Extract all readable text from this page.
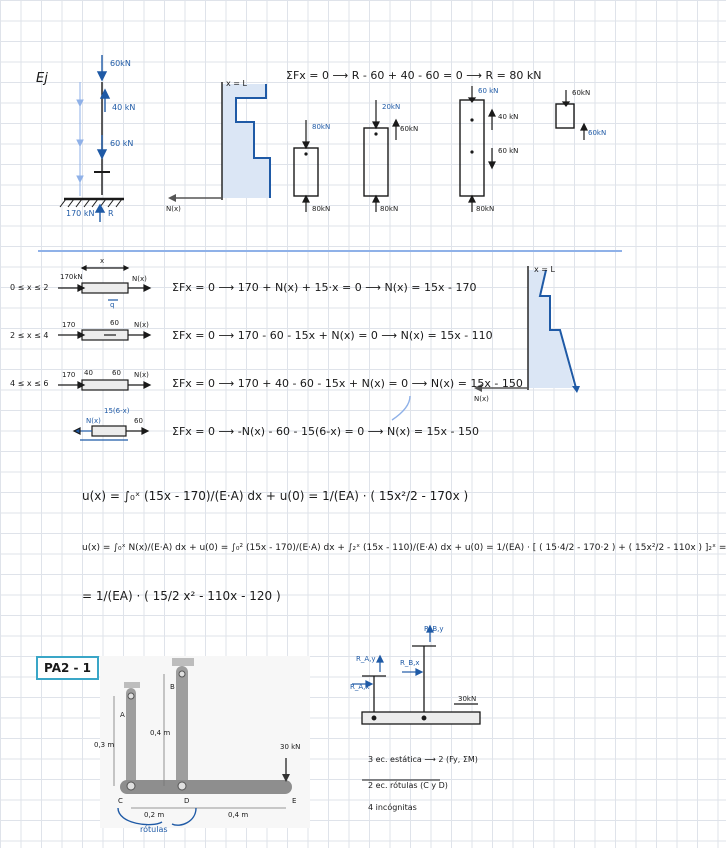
Ej
60kN
40 kN
60 kN
170 kN R
x = L
N(x)
ΣFx = 0 ⟶ R - 60 + 40 - 60 = 0 ⟶ R = 80 kN
80kN
80kN
20kN
60kN
80kN
60 kN
40 kN
60 kN
80kN
60kN
60kN
0 ≤ x ≤ 2
170kN
x
N(x)
q
ΣFx = 0 ⟶ 170 + N(x) + 15·x = 0 ⟶ N(x) = 15x - 170
2 ≤ x ≤ 4
170	60 N(x)
ΣFx = 0 ⟶ 170 - 60 - 15x + N(x) = 0 ⟶ N(x) = 15x - 110
4 ≤ x ≤ 6
170 40	60 N(x)
ΣFx = 0 ⟶ 170 + 40 - 60 - 15x + N(x) = 0 ⟶ N(x) = 15x - 150
N(x)
15(6-x)
60
ΣFx = 0 ⟶ -N(x) - 60 - 15(6-x) = 0 ⟶ N(x) = 15x - 150
x = L
N(x)
u(x) = ∫₀ˣ (15x - 170)/(E·A) dx + u(0) = 1/(EA) · ( 15x²/2 - 170x )
u(x) = ∫₀ˣ N(x)/(E·A) dx + u(0) = ∫₀² (15x - 170)/(E·A) dx + ∫₂ˣ (15x - 110)/(E·A) dx + u(0) = 1/(EA) · [ ( 15·4/2 - 170·2 ) + ( 15x²/2 - 110x ) ]₂ˣ =
= 1/(EA) · ( 15/2 x² - 110x - 120 )
PA2 - 1
A
B
C	D	E
0,3 m
0,4 m
0,2 m	0,4 m
30 kN
rótulas
R_A,y
R_A,x
R_B,y
R_B,x
30kN
3 ec. estática ⟶ 2 (Fy, ΣM)
2 ec. rótulas (C y D)
4 incógnitas
